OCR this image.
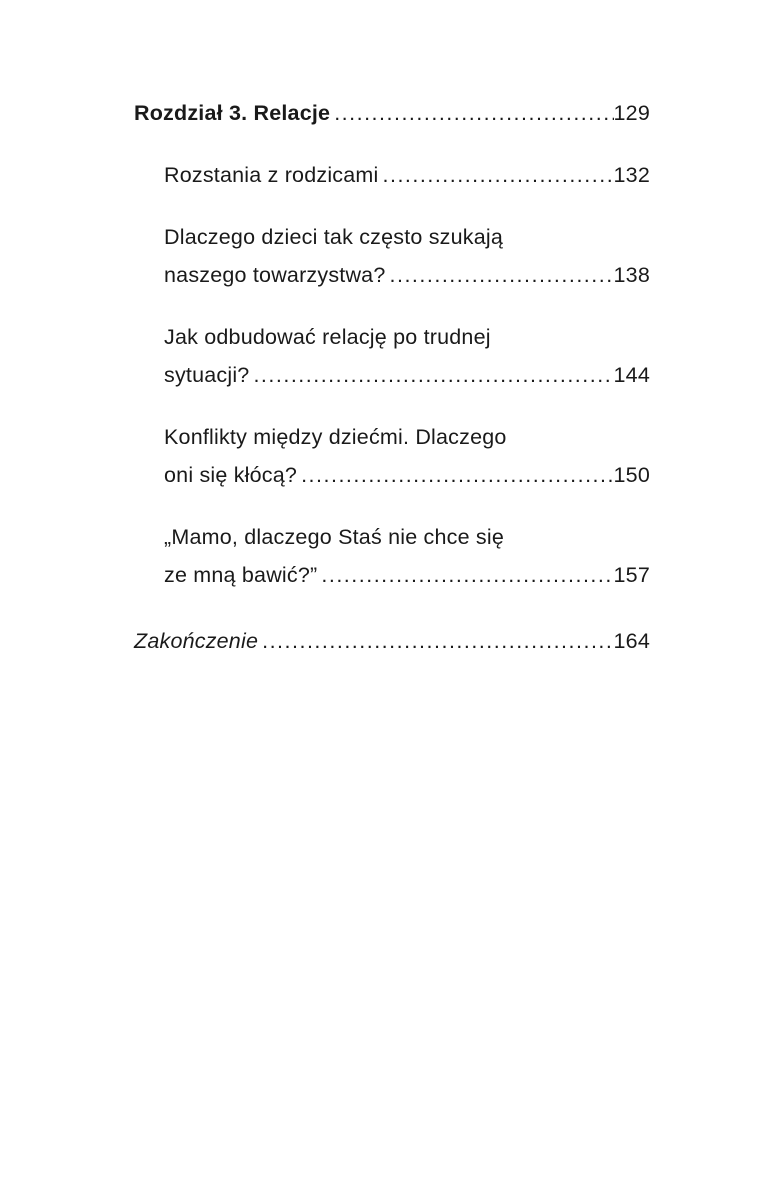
Rozdział 3. Relacje .....	129
Rozstania z rodzicami .....	132
Dlaczego dzieci tak często szukają
naszego towarzystwa? .....	138
Jak odbudować relację po trudnej
sytuacji? .....	144
Konflikty między dziećmi. Dlaczego
oni się kłócą? .....	150
„Mamo, dlaczego Staś nie chce się
ze mną bawić?” .....	157
Zakończenie .....	164
